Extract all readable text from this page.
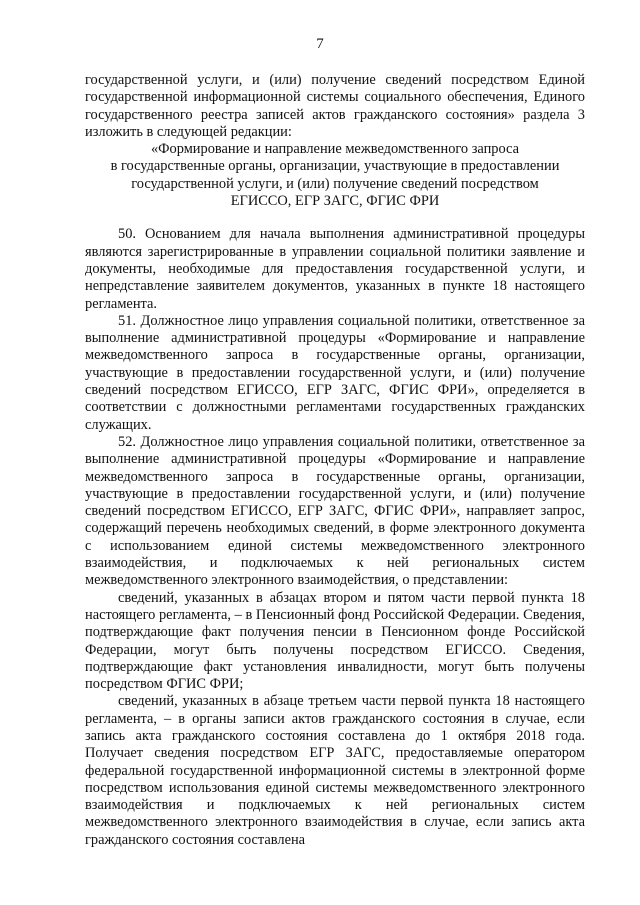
7

государственной услуги, и (или) получение сведений посредством Единой государственной информационной системы социального обеспечения, Единого государственного реестра записей актов гражданского состояния» раздела 3 изложить в следующей редакции:

«Формирование и направление межведомственного запроса

в государственные органы, организации, участвующие в предоставлении

государственной услуги, и (или) получение сведений посредством

ЕГИССО, ЕГР ЗАГС, ФГИС ФРИ

50. Основанием для начала выполнения административной процедуры являются зарегистрированные в управлении социальной политики заявление и документы, необходимые для предоставления государственной услуги, и непредставление заявителем документов, указанных в пункте 18 настоящего регламента.

51. Должностное лицо управления социальной политики, ответственное за выполнение административной процедуры «Формирование и направление межведомственного запроса в государственные органы, организации, участвующие в предоставлении государственной услуги, и (или) получение сведений посредством ЕГИССО, ЕГР ЗАГС, ФГИС ФРИ», определяется в соответствии с должностными регламентами государственных гражданских служащих.

52. Должностное лицо управления социальной политики, ответственное за выполнение административной процедуры «Формирование и направление межведомственного запроса в государственные органы, организации, участвующие в предоставлении государственной услуги, и (или) получение сведений посредством ЕГИССО, ЕГР ЗАГС, ФГИС ФРИ», направляет запрос, содержащий перечень необходимых сведений, в форме электронного документа с использованием единой системы межведомственного электронного взаимодействия, и подключаемых к ней региональных систем межведомственного электронного взаимодействия, о представлении:

сведений, указанных в абзацах втором и пятом части первой пункта 18 настоящего регламента, – в Пенсионный фонд Российской Федерации. Сведения, подтверждающие факт получения пенсии в Пенсионном фонде Российской Федерации, могут быть получены посредством ЕГИССО. Сведения, подтверждающие факт установления инвалидности, могут быть получены посредством ФГИС ФРИ;

сведений, указанных в абзаце третьем части первой пункта 18 настоящего регламента, – в органы записи актов гражданского состояния в случае, если запись акта гражданского состояния составлена до 1 октября 2018 года. Получает сведения посредством ЕГР ЗАГС, предоставляемые оператором федеральной государственной информационной системы в электронной форме посредством использования единой системы межведомственного электронного взаимодействия и подключаемых к ней региональных систем межведомственного электронного взаимодействия в случае, если запись акта гражданского состояния составлена
